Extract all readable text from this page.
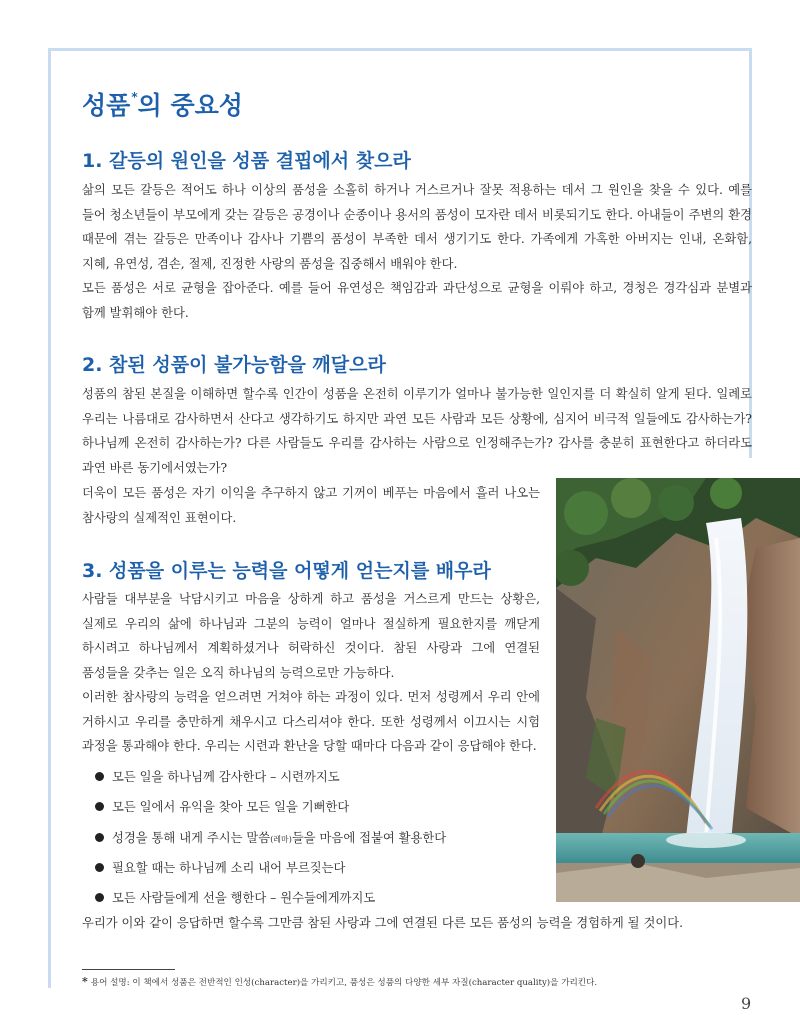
성품*의 중요성
1. 갈등의 원인을 성품 결핍에서 찾으라

삶의 모든 갈등은 적어도 하나 이상의 품성을 소홀히 하거나 거스르거나 잘못 적용하는 데서 그 원인을 찾을 수 있다. 예를 들어 청소년들이 부모에게 갖는 갈등은 공경이나 순종이나 용서의 품성이 모자란 데서 비롯되기도 한다. 아내들이 주변의 환경 때문에 겪는 갈등은 만족이나 감사나 기쁨의 품성이 부족한 데서 생기기도 한다. 가족에게 가혹한 아버지는 인내, 온화함, 지혜, 유연성, 겸손, 절제, 진정한 사랑의 품성을 집중해서 배워야 한다.

모든 품성은 서로 균형을 잡아준다. 예를 들어 유연성은 책임감과 과단성으로 균형을 이뤄야 하고, 경청은 경각심과 분별과 함께 발휘해야 한다.

2. 참된 성품이 불가능함을 깨달으라

성품의 참된 본질을 이해하면 할수록 인간이 성품을 온전히 이루기가 얼마나 불가능한 일인지를 더 확실히 알게 된다. 일례로 우리는 나름대로 감사하면서 산다고 생각하기도 하지만 과연 모든 사람과 모든 상황에, 심지어 비극적 일들에도 감사하는가? 하나님께 온전히 감사하는가? 다른 사람들도 우리를 감사하는 사람으로 인정해주는가? 감사를 충분히 표현한다고 하더라도 과연 바른 동기에서였는가?

더욱이 모든 품성은 자기 이익을 추구하지 않고 기꺼이 베푸는 마음에서 흘러 나오는 참사랑의 실제적인 표현이다.

3. 성품을 이루는 능력을 어떻게 얻는지를 배우라

사람들 대부분을 낙담시키고 마음을 상하게 하고 품성을 거스르게 만드는 상황은, 실제로 우리의 삶에 하나님과 그분의 능력이 얼마나 절실하게 필요한지를 깨닫게 하시려고 하나님께서 계획하셨거나 허락하신 것이다. 참된 사랑과 그에 연결된 품성들을 갖추는 일은 오직 하나님의 능력으로만 가능하다.

이러한 참사랑의 능력을 얻으려면 거쳐야 하는 과정이 있다. 먼저 성령께서 우리 안에 거하시고 우리를 충만하게 채우시고 다스리셔야 한다. 또한 성령께서 이끄시는 시험 과정을 통과해야 한다. 우리는 시련과 환난을 당할 때마다 다음과 같이 응답해야 한다.

모든 일을 하나님께 감사한다 – 시련까지도
모든 일에서 유익을 찾아 모든 일을 기뻐한다
성경을 통해 내게 주시는 말씀(레마)들을 마음에 접붙여 활용한다
필요할 때는 하나님께 소리 내어 부르짖는다
모든 사람들에게 선을 행한다 – 원수들에게까지도

우리가 이와 같이 응답하면 할수록 그만큼 참된 사랑과 그에 연결된 다른 모든 품성의 능력을 경험하게 될 것이다.

* 용어 설명: 이 책에서 성품은 전반적인 인성(character)을 가리키고, 품성은 성품의 다양한 세부 자질(character quality)을 가리킨다.

9
